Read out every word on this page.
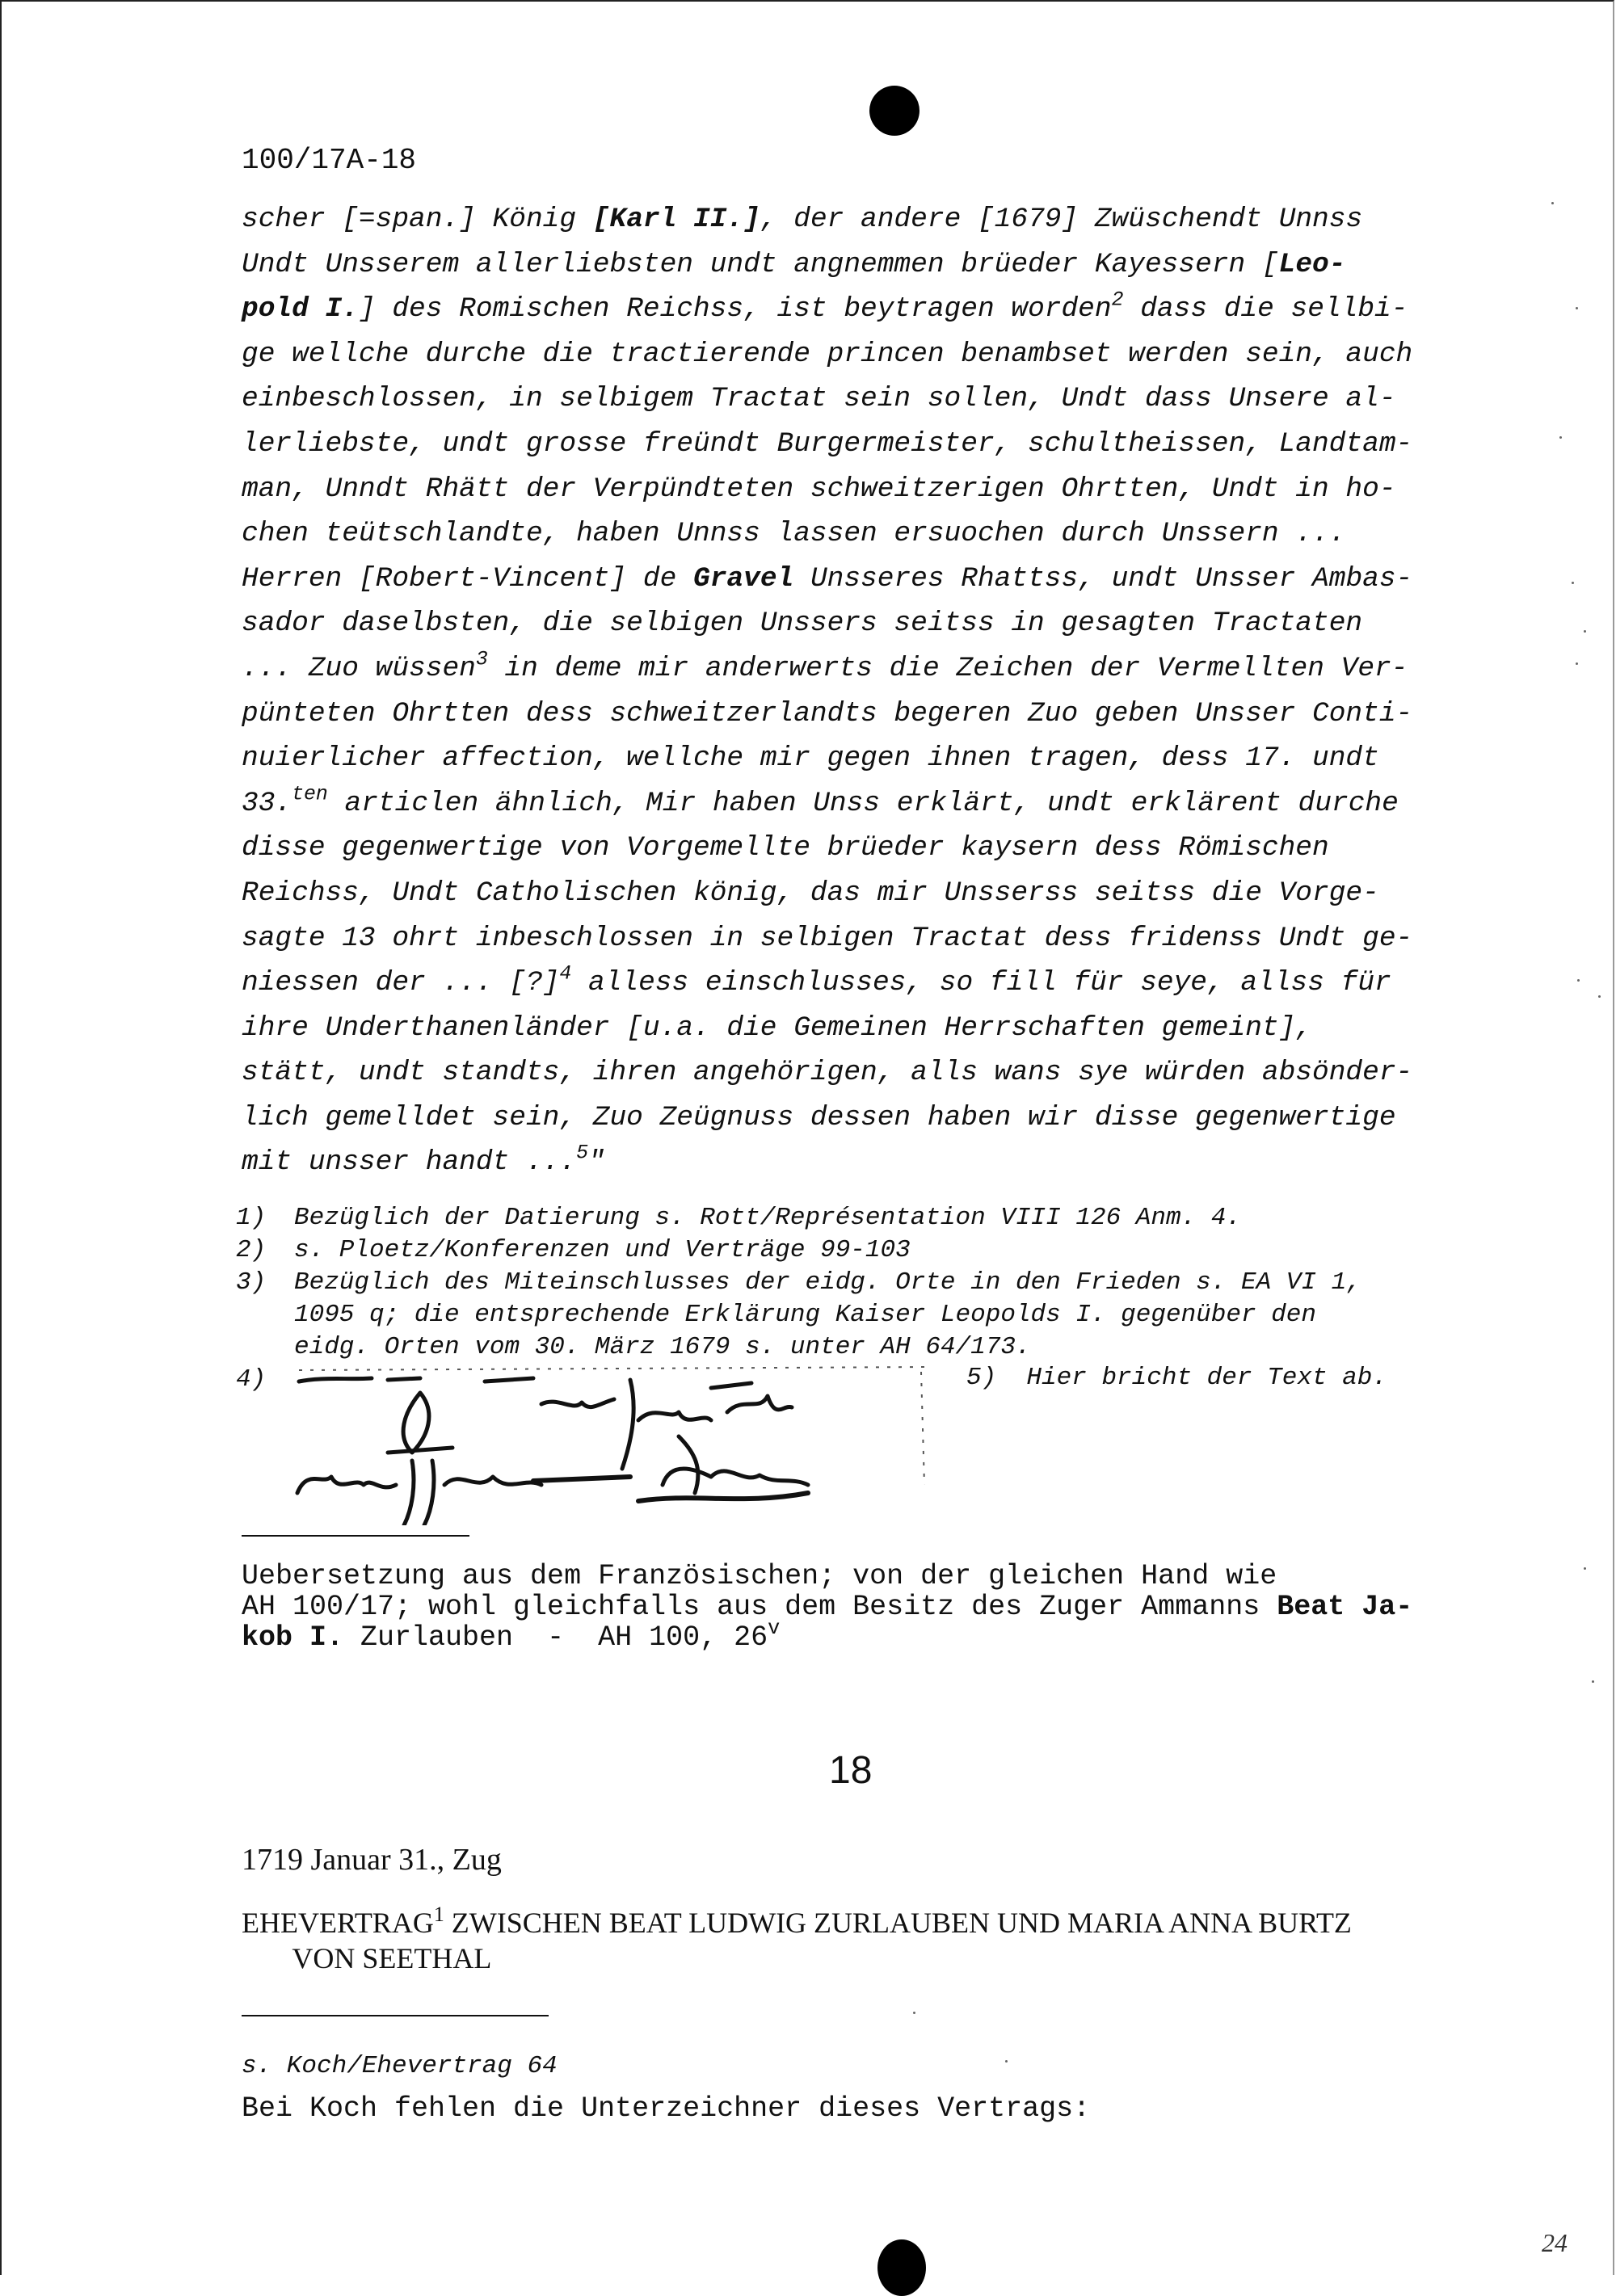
100/17A-18
scher [=span.] König [Karl II.], der andere [1679] Zwüschendt Unnss
Undt Unsserem allerliebsten undt angnemmen brüeder Kayessern [Leo-
pold I.] des Romischen Reichss, ist beytragen worden$^2$ dass die sellbi-
ge wellche durche die tractierende princen benambset werden sein, auch
einbeschlossen, in selbigem Tractat sein sollen, Undt dass Unsere al-
lerliebste, undt grosse freündt Burgermeister, schultheissen, Landtam-
man, Unndt Rhätt der Verpündteten schweitzerigen Ohrtten, Undt in ho-
chen teütschlandte, haben Unnss lassen ersuochen durch Unssern ...
Herren [Robert-Vincent] de Gravel Unsseres Rhattss, undt Unsser Ambas-
sador daselbsten, die selbigen Unssers seitss in gesagten Tractaten
... Zuo wüssen$^3$ in deme mir anderwerts die Zeichen der Vermellten Ver-
pünteten Ohrtten dess schweitzerlandts begeren Zuo geben Unsser Conti-
nuierlicher affection, wellche mir gegen ihnen tragen, dess 17. undt
33.$^{ten}$ articlen ähnlich, Mir haben Unss erklärt, undt erklärent durche
disse gegenwertige von Vorgemellte brüeder kaysern dess Römischen
Reichss, Undt Catholischen könig, das mir Unsserss seitss die Vorge-
sagte 13 ohrt inbeschlossen in selbigen Tractat dess fridenss Undt ge-
niessen der ... [?]$^4$ alless einschlusses, so fill für seye, allss für
ihre Underthanenländer [u.a. die Gemeinen Herrschaften gemeint],
stätt, undt standts, ihren angehörigen, alls wans sye würden absönder-
lich gemelldet sein, Zuo Zeügnuss dessen haben wir disse gegenwertige
mit unsser handt ...$^5$"
1) Bezüglich der Datierung s. Rott/Représentation VIII 126 Anm. 4.
2) s. Ploetz/Konferenzen und Verträge 99-103
3) Bezüglich des Miteinschlusses der eidg. Orte in den Frieden s. EA VI 1,
1095 q; die entsprechende Erklärung Kaiser Leopolds I. gegenüber den
eidg. Orten vom 30. März 1679 s. unter AH 64/173.
4)	5) Hier bricht der Text ab.
Uebersetzung aus dem Französischen; von der gleichen Hand wie
AH 100/17; wohl gleichfalls aus dem Besitz des Zuger Ammanns Beat Ja-
kob I. Zurlauben  -  AH 100, 26$^v$
18
1719 Januar 31., Zug
EHEVERTRAG$^1$ ZWISCHEN BEAT LUDWIG ZURLAUBEN UND MARIA ANNA BURTZ
VON SEETHAL
s. Koch/Ehevertrag 64
Bei Koch fehlen die Unterzeichner dieses Vertrags:
24
